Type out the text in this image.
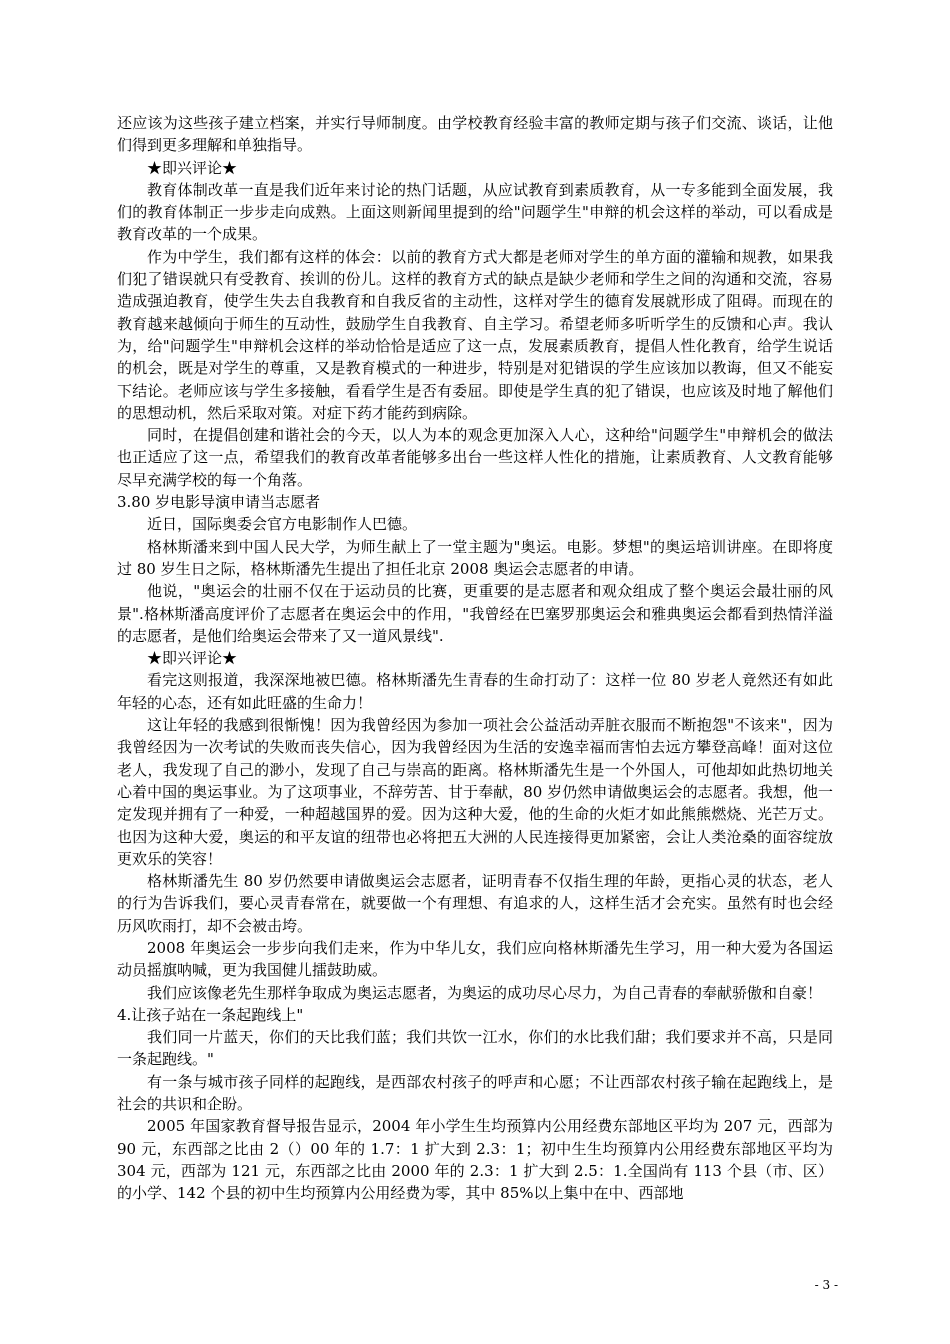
还应该为这些孩子建立档案，并实行导师制度。由学校教育经验丰富的教师定期与孩子们交流、谈话，让他们得到更多理解和单独指导。

★即兴评论★

教育体制改革一直是我们近年来讨论的热门话题，从应试教育到素质教育，从一专多能到全面发展，我们的教育体制正一步步走向成熟。上面这则新闻里提到的给"问题学生"申辩的机会这样的举动，可以看成是教育改革的一个成果。

作为中学生，我们都有这样的体会：以前的教育方式大都是老师对学生的单方面的灌输和规教，如果我们犯了错误就只有受教育、挨训的份儿。这样的教育方式的缺点是缺少老师和学生之间的沟通和交流，容易造成强迫教育，使学生失去自我教育和自我反省的主动性，这样对学生的德育发展就形成了阻碍。而现在的教育越来越倾向于师生的互动性，鼓励学生自我教育、自主学习。希望老师多听听学生的反馈和心声。我认为，给"问题学生"申辩机会这样的举动恰恰是适应了这一点，发展素质教育，提倡人性化教育，给学生说话的机会，既是对学生的尊重，又是教育模式的一种进步，特别是对犯错误的学生应该加以教诲，但又不能妄下结论。老师应该与学生多接触，看看学生是否有委屈。即使是学生真的犯了错误，也应该及时地了解他们的思想动机，然后采取对策。对症下药才能药到病除。

同时，在提倡创建和谐社会的今天，以人为本的观念更加深入人心，这种给"问题学生"申辩机会的做法也正适应了这一点，希望我们的教育改革者能够多出台一些这样人性化的措施，让素质教育、人文教育能够尽早充满学校的每一个角落。

3.80 岁电影导演申请当志愿者

近日，国际奥委会官方电影制作人巴德。

格林斯潘来到中国人民大学，为师生献上了一堂主题为"奥运。电影。梦想"的奥运培训讲座。在即将度过 80 岁生日之际，格林斯潘先生提出了担任北京 2008 奥运会志愿者的申请。

他说，"奥运会的壮丽不仅在于运动员的比赛，更重要的是志愿者和观众组成了整个奥运会最壮丽的风景".格林斯潘高度评价了志愿者在奥运会中的作用，"我曾经在巴塞罗那奥运会和雅典奥运会都看到热情洋溢的志愿者，是他们给奥运会带来了又一道风景线".

★即兴评论★

看完这则报道，我深深地被巴德。格林斯潘先生青春的生命打动了：这样一位 80 岁老人竟然还有如此年轻的心态，还有如此旺盛的生命力！

这让年轻的我感到很惭愧！因为我曾经因为参加一项社会公益活动弄脏衣服而不断抱怨"不该来"，因为我曾经因为一次考试的失败而丧失信心，因为我曾经因为生活的安逸幸福而害怕去远方攀登高峰！面对这位老人，我发现了自己的渺小，发现了自己与崇高的距离。格林斯潘先生是一个外国人，可他却如此热切地关心着中国的奥运事业。为了这项事业，不辞劳苦、甘于奉献，80 岁仍然申请做奥运会的志愿者。我想，他一定发现并拥有了一种爱，一种超越国界的爱。因为这种大爱，他的生命的火炬才如此熊熊燃烧、光芒万丈。也因为这种大爱，奥运的和平友谊的纽带也必将把五大洲的人民连接得更加紧密，会让人类沧桑的面容绽放更欢乐的笑容！

格林斯潘先生 80 岁仍然要申请做奥运会志愿者，证明青春不仅指生理的年龄，更指心灵的状态，老人的行为告诉我们，要心灵青春常在，就要做一个有理想、有追求的人，这样生活才会充实。虽然有时也会经历风吹雨打，却不会被击垮。

2008 年奥运会一步步向我们走来，作为中华儿女，我们应向格林斯潘先生学习，用一种大爱为各国运动员摇旗呐喊，更为我国健儿擂鼓助威。

我们应该像老先生那样争取成为奥运志愿者，为奥运的成功尽心尽力，为自己青春的奉献骄傲和自豪！

4.让孩子站在一条起跑线上"

我们同一片蓝天，你们的天比我们蓝；我们共饮一江水，你们的水比我们甜；我们要求并不高，只是同一条起跑线。"

有一条与城市孩子同样的起跑线，是西部农村孩子的呼声和心愿；不让西部农村孩子输在起跑线上，是社会的共识和企盼。

2005 年国家教育督导报告显示，2004 年小学生生均预算内公用经费东部地区平均为 207 元，西部为 90 元，东西部之比由 2（）00 年的 1.7：1 扩大到 2.3：1；初中生生均预算内公用经费东部地区平均为 304 元，西部为 121 元，东西部之比由 2000 年的 2.3：1 扩大到 2.5：1.全国尚有 113 个县（市、区）的小学、142 个县的初中生均预算内公用经费为零，其中 85%以上集中在中、西部地

- 3 -
